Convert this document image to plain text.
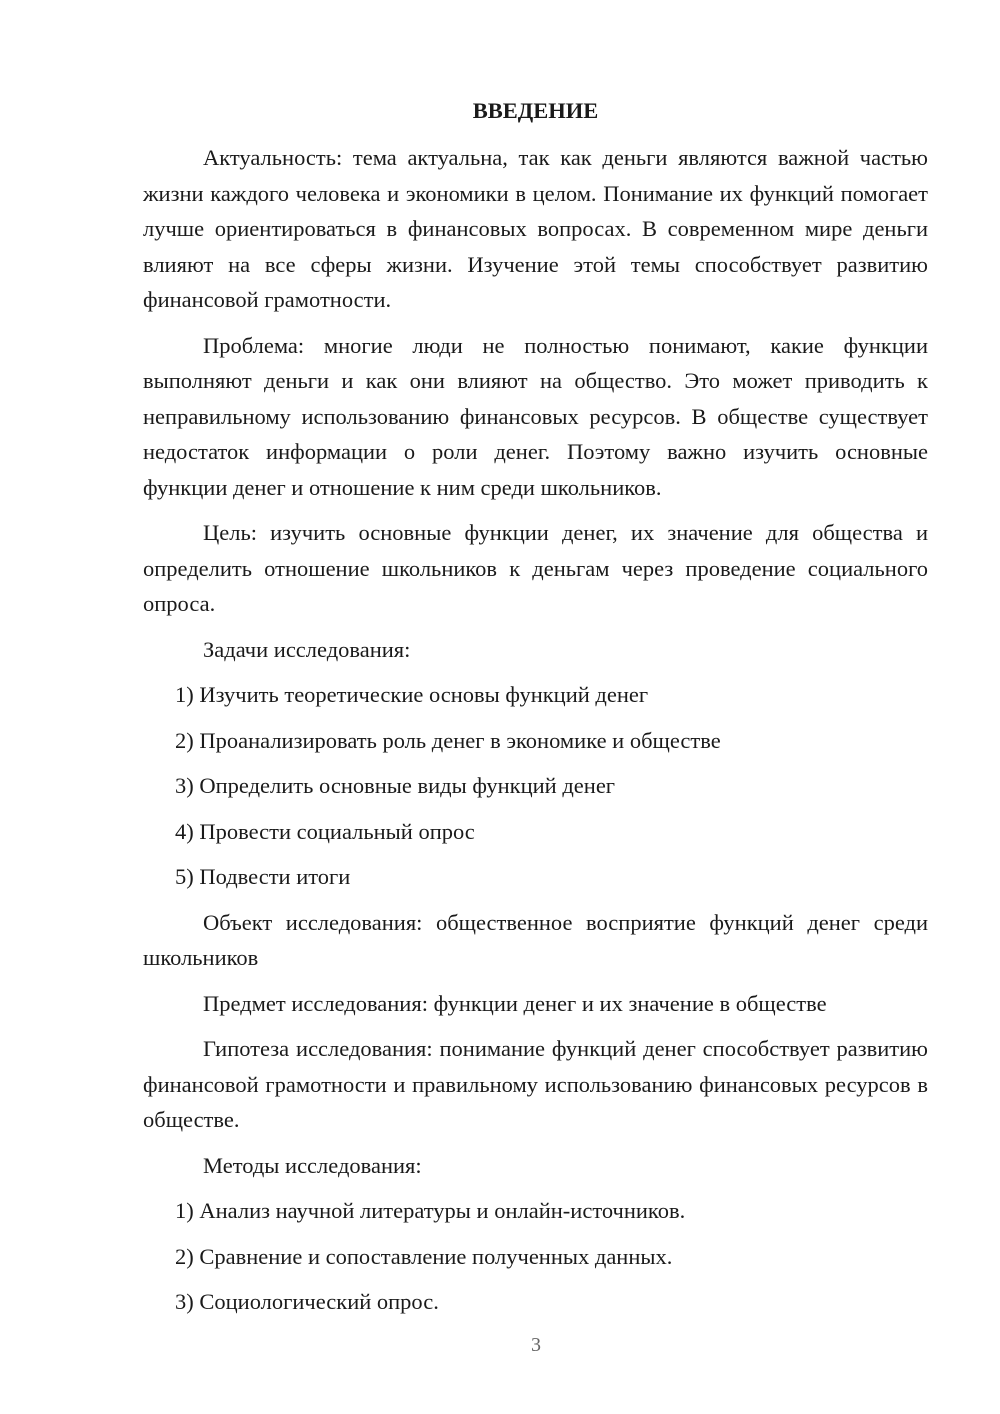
ВВЕДЕНИЕ

Актуальность: тема актуальна, так как деньги являются важной частью жизни каждого человека и экономики в целом. Понимание их функций помогает лучше ориентироваться в финансовых вопросах. В современном мире деньги влияют на все сферы жизни. Изучение этой темы способствует развитию финансовой грамотности.

Проблема: многие люди не полностью понимают, какие функции выполняют деньги и как они влияют на общество. Это может приводить к неправильному использованию финансовых ресурсов. В обществе существует недостаток информации о роли денег. Поэтому важно изучить основные функции денег и отношение к ним среди школьников.

Цель: изучить основные функции денег, их значение для общества и определить отношение школьников к деньгам через проведение социального опроса.

Задачи исследования:

1) Изучить теоретические основы функций денег

2) Проанализировать роль денег в экономике и обществе

3) Определить основные виды функций денег

4) Провести социальный опрос

5) Подвести итоги

Объект исследования: общественное восприятие функций денег среди школьников

Предмет исследования: функции денег и их значение в обществе

Гипотеза исследования: понимание функций денег способствует развитию финансовой грамотности и правильному использованию финансовых ресурсов в обществе.

Методы исследования:

1) Анализ научной литературы и онлайн-источников.

2) Сравнение и сопоставление полученных данных.

3) Социологический опрос.

3
